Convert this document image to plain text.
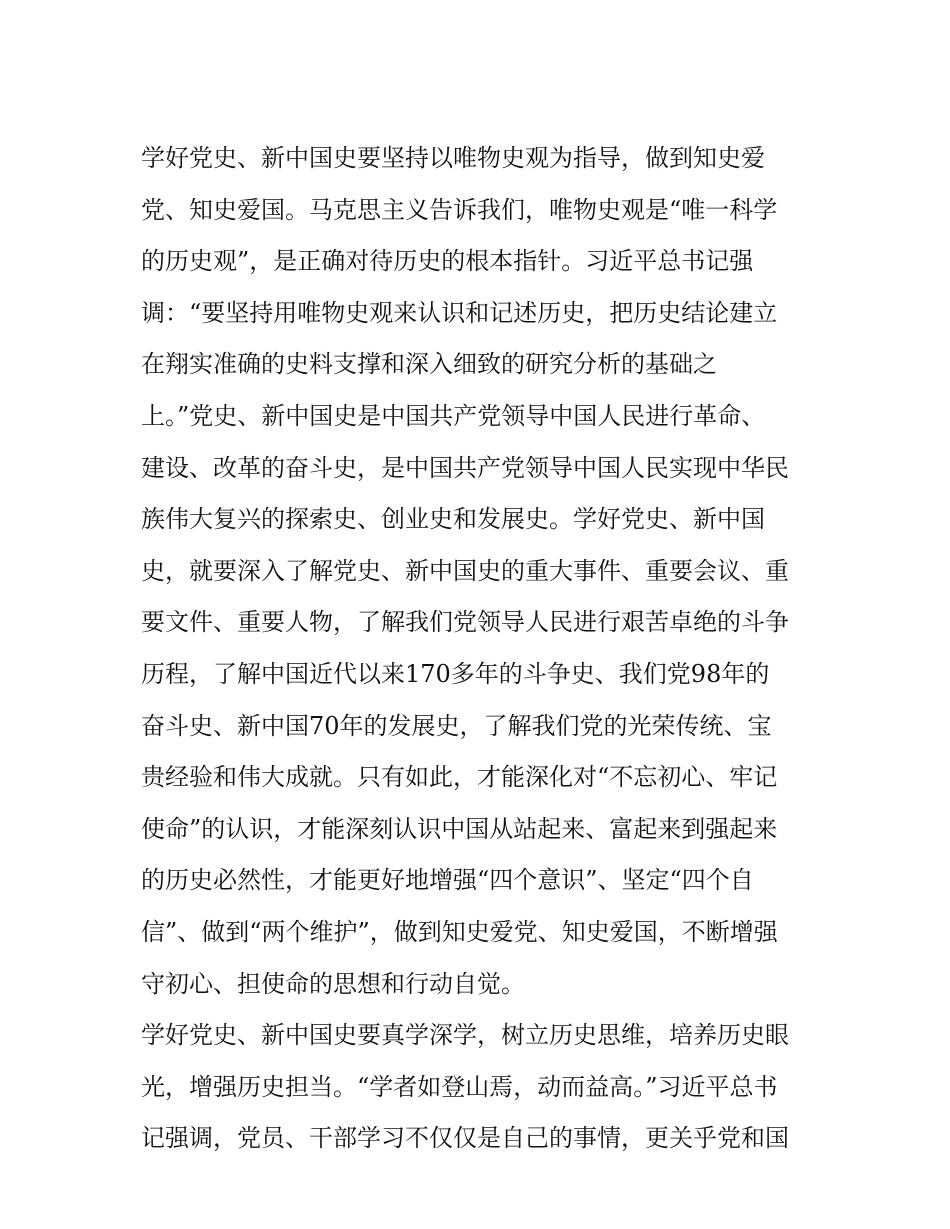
学好党史、新中国史要坚持以唯物史观为指导，做到知史爱
党、知史爱国。马克思主义告诉我们，唯物史观是“唯一科学
的历史观”，是正确对待历史的根本指针。习近平总书记强
调：“要坚持用唯物史观来认识和记述历史，把历史结论建立
在翔实准确的史料支撑和深入细致的研究分析的基础之
上。”党史、新中国史是中国共产党领导中国人民进行革命、
建设、改革的奋斗史，是中国共产党领导中国人民实现中华民
族伟大复兴的探索史、创业史和发展史。学好党史、新中国
史，就要深入了解党史、新中国史的重大事件、重要会议、重
要文件、重要人物，了解我们党领导人民进行艰苦卓绝的斗争
历程，了解中国近代以来170多年的斗争史、我们党98年的
奋斗史、新中国70年的发展史，了解我们党的光荣传统、宝
贵经验和伟大成就。只有如此，才能深化对“不忘初心、牢记
使命”的认识，才能深刻认识中国从站起来、富起来到强起来
的历史必然性，才能更好地增强“四个意识”、坚定“四个自
信”、做到“两个维护”，做到知史爱党、知史爱国，不断增强
守初心、担使命的思想和行动自觉。

学好党史、新中国史要真学深学，树立历史思维，培养历史眼
光，增强历史担当。“学者如登山焉，动而益高。”习近平总书
记强调，党员、干部学习不仅仅是自己的事情，更关乎党和国
